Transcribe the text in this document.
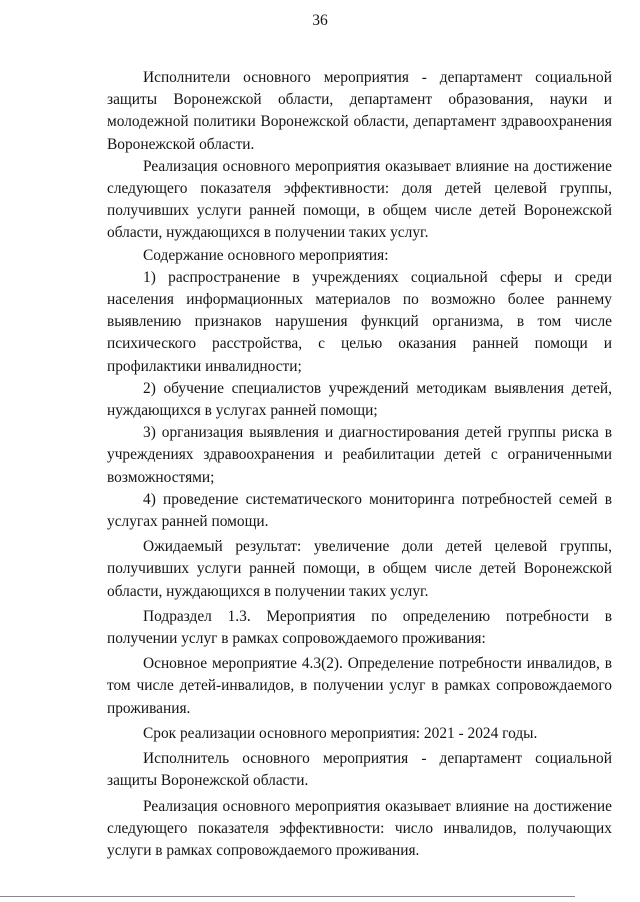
36

Исполнители основного мероприятия - департамент социальной защиты Воронежской области, департамент образования, науки и молодежной политики Воронежской области, департамент здравоохранения Воронежской области.

Реализация основного мероприятия оказывает влияние на достижение следующего показателя эффективности: доля детей целевой группы, получивших услуги ранней помощи, в общем числе детей Воронежской области, нуждающихся в получении таких услуг.

Содержание основного мероприятия:

1) распространение в учреждениях социальной сферы и среди населения информационных материалов по возможно более раннему выявлению признаков нарушения функций организма, в том числе психического расстройства, с целью оказания ранней помощи и профилактики инвалидности;

2) обучение специалистов учреждений методикам выявления детей, нуждающихся в услугах ранней помощи;

3) организация выявления и диагностирования детей группы риска в учреждениях здравоохранения и реабилитации детей с ограниченными возможностями;

4) проведение систематического мониторинга потребностей семей в услугах ранней помощи.

Ожидаемый результат: увеличение доли детей целевой группы, получивших услуги ранней помощи, в общем числе детей Воронежской области, нуждающихся в получении таких услуг.

Подраздел 1.3. Мероприятия по определению потребности в получении услуг в рамках сопровождаемого проживания:

Основное мероприятие 4.3(2). Определение потребности инвалидов, в том числе детей-инвалидов, в получении услуг в рамках сопровождаемого проживания.

Срок реализации основного мероприятия: 2021 - 2024 годы.

Исполнитель основного мероприятия - департамент социальной защиты Воронежской области.

Реализация основного мероприятия оказывает влияние на достижение следующего показателя эффективности: число инвалидов, получающих услуги в рамках сопровождаемого проживания.
